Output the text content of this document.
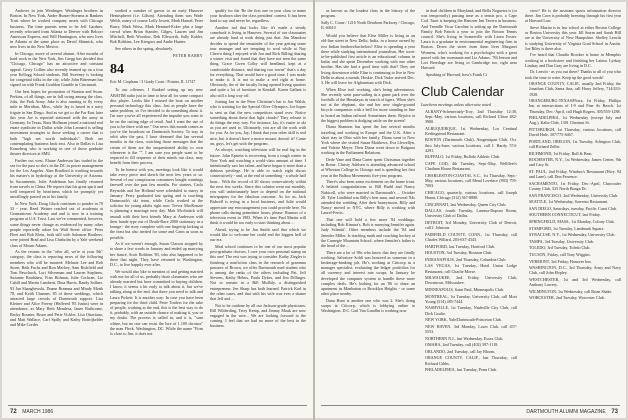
Andover in join Weidinger, Weidinger brothers in Boston. In New York, Andre Hunter-Streams at Bankers Trust where he worked company assets with Chicago business. The time parents seem to be Jeff Gardner, recently relocated from Atlanta to Denver with Belcorr American Express, and Will Huntington, who now lives in Atlanta at the same place as David Shinnick, who now lives in the New Mexico.

In Chicago, move of several alumni: After months of hard work in the New York, Jim Gregg has decided that "Chicago, Chicago" has an attractive and constant appeal. Gerry Collins also recently teamed up on a four year Kellogg School students. Bill Sweeney is looking for congenial folks in the city, while John Bitterman has signed on with Frank Gouldon Gamble in Cincinnati.

Our best hopes for promotion of Stanton and Swan. Perkins, of all things, are in full swing among the class. Jobs, the Park Army. Jake is also running to fly every mile in Meridian, Miss., while Jay is based in a navy frigate in San Diego. And as we get to the Far East later this year Joe is reported stationed with the army in Germany. In Texas, Russ Hoffman joined a national real estate syndicate in Dallas while John Leonard is selling investment strategies to those seeking a career that is both "high net worth individuals". Both are contemplating business back east. Also in Dallas is Lisa Kranzberg who is working in one of those graduate theater directors at SMU.

Farther out west, Elaine Anderson has traded in the sea for the past so she's in the DC in power management for the Los Angeles. Alan Bradford is working towards his master's in hydrology at the University of Arizona. In Sacramento, Julie Andelman has finally returned from travels to China. He reports that his great spirit and well tempered by heartiness which he promptly yet unwillingly passed on to his family.

In New York, Doug Gluck continues to ponder in 70 33 - year. Reed Weiner reached out of academia at Germantown Academy and and is now in a training program at U.S. Trust. Last we've commented, however, some things never change as evidenced by many other people reportedly adore his Wall Street office. Peter Fleet and Bob Klein, both still with Salomon Brothers, were joined Brad and Lisa Chisholm by a Yale weekend class of Mount Adams.

As the returns in the "after all, we're at your 5th" category, the class is reporting news of the following members who will be married: Melanie Lee and Rob Stone, Beth Fuchs and Ron Mackey, Sam Richfield and Tom Pawchuck, Lori Silverman and Lauren Stephens, Suzanne Bradshaw, Fran Holman, Julie Cochran, Liz Cahill and Martin Lamberti, Dina Harris, Randy Sollner. 93 Jan Shanghewski, Duane Breanna and Mindy Monk 78, and Keith Channer, 85 of these weddings, which attracted large crowds of Dartmouth support. Lisa Kleiner and Alice Freeny (Heffered '85 Justin) were in attendance, as Mary Beth Mendesa, Ianee Buthcome, Becky Rosmer, Bruce and Petie Vickler, Lisa Ottaviano, and Matt Wallace, Carl Spilly and Kathy Bottrijkelder and Mike Cordes

sordied a number of guests to an early Hanover Hemispheres (i.e. Gilson). Attending them was Wade Welch, many of course Lolly Jowett, Mark Hansel, Peter Burry, Mark Weiss, Mark Hemmel-Ecker plus a large crowd when Brian Stamler, Gilges, Lauren and Jim Mitchell, Beth Woodow, Deb Ellsworth, Sally Kahler, Bob Robbins, Lee Kiergacs and Andie Hunter.

See others in the spring, absolutely.

PETER BARRY

84

Eric M. Cropham / 3 Grady Court / Pointer, IL 11747

To our offenses. I flunked setting up my new ABATIM radio just in time to hear all for some compact disc player. Looks like I missed the boat on another personal technology this class. Just as people have the same problem, so I've decided to do something about it. I'm sure you've all experienced the impulse you want to be on the cutting edge of retail. And I want the use of you to be there with me." Our news this month comes as you've the broadcast on Dartmouth Society. To stay in orbit after the past, I have dreamed that Jan several months in the class, watching those messages that the cream of them are the unquestioned ability to own whenever is the "". I am sure you people want to be required to fill sequence of their minds out class, may benefit from their process.

To be honest with you, meetings look like it would take every piece and sketch the next few years or so. Several of our conspicuous consumers bought warnings farewell over the past few months. For starters, Carlo Reynolds and Joe Holland were scheduled to marry in January. Perry graduated last spring and is coaching Dartmouth's ski team, while Carla worked at the solicitor for young adults right now. Trevor MacKenzie is planning a marriage next day. Matt Mcclintick will assault with their best friends Mary at Anderson with their hands-type out of Death-Race 2000 stationary in a lounge - the story complete with one fingertip lacking at the feast but also invited for some and Carin as soon as possible.

As if we weren't enough, Susan Clarson stopped by to share a few words in January and ended up marrying her fiancé, Scott Robbins '83, who also happened to be there that night. They have returned to Washington, D.C., to live happily ever after.

We would also like to mention of and getting married with me for all of us, probably those classmates who are already married but have committed to buying children. I know, it seems a bit early to talk about it, but we've talking along at the end, that there you need to talk and Laura Pickett: It is another way: In case you have been preparing for the third child. Peter Trailers for the sake of people, working at the end, this is the best way to do it, probably, with an outside chance of making it, you or my doubt. The process is called in, and it is, "sum whine, but no one can resist the lure of 1.100 chronos" the man Fleck. Washington, DC. While the name "Firm is close to Jim, it does not

qualify for the 'Be the first one in your class to name your firstborn after the class president' contest. It has been hard to say and never be, regardless.

Another tad that looks like it's made a steady comeback is living in Hanover. Several of our classmates are already hard at work doing just that. Jim Mandoro decides to spend the remainder of the year getting some tour manager and are tempting to worl while at Nuy Chen-a thing I enjoyed with Jon and Rick Billing sharing a winter visit and found that they have not seen the same thing. Grace Gwen Colby will headland, kept at a comfortable distance, and sharing two towns" that's a day for everything. That would have a good time. I was made to make it. It is not to make a reel right at home. Obviously, the of the faculty living opened living quarters and quite a lot of furniture in Kendall. Karen Gallant is also still a long way off.

Joining Jan in the Peter Christian's bar is Jon Walsh, who is training for the Special Olive Olympics. Joe hopes to sent us that the new competitors stand over. Notice something about these that fight clouds? They release to do things the easy way. For instance, Jay, it's easier to ski as you are used to. Ultimately, you are all the work with for you. As for you, Jay, I think that your other skill is real nice, but it doesn't have a motor mount, doesn't it? Come on, guys, let's get with the program.

As always, watching television will be real big in the future. John Epstein is recovering from a tough winter in New York and watching a world-class amount of time. I intentionally saw her talent, and have begun it more than a dubious privilege. He is able to watch eight shows consecutively - and, at the end of something - a whole half hour... With the record of 20 shows consecutively within the next few weeks. Since this column went out monthly, you will unfortunately have to depend on the national newspapers for the fabulous outcome. As for us, Jack Bidwell is trying in a local business, and Julie would appreciate any encouragement you could provide here. No phone calls during primetime hours, please. Rumors of a television event in 1983. When it's time Paul Martin will think it would be too early to start thinking about ...

Ahead, trying to be Jan Smith said that which we would like to welcome her could end the biggest hell of our era.

Meal school continues to be one of our most popular post-graduate choices. I owe your own personal stamp on this one! The rest was trying to consider. Kathy Ziegler is finishing a nonfiction class in the research of grammar pastures of Brown, we offer Dartmouth med student who is among the ranks of the others including Pat, Jeff Stevens, Kathy Helms, Paula Dykes, and Jim Dillinger. Not to remain in a Bill Mullaly, a distinguished entrepreneur. Jen Sharp has both learned. Patrick Karl in the other cases, and that with his wife was ever a shame that Jeff and ...

Not to be outdone by all our Jackson-grade physicians, Bill Wilderding, Terry Kemp, and Jimmy Mauk are now engaged in the wire... We are looking forward to the coming. I feel that we had no more of the best in the business.

72 MARCH 1986

as known as the loudest class in the history of the program.

Sally C. Crane / 1216 North Dearborn Parkway / Chicago, IL 60610

Would you believe that Elise Miller is living in an old-line street in New Delhi, India, in a house owned by two Indian brothers/bachelors? Elise is spending a year there while studying international journalism. Her soon-to-be-published first article is an educational column in India, and she spent December working with one other brother. Has she had a good time with that? They are living downtown while Elise is continuing to live in New Delhi in about a month, Hoskie. Dick Tudor arrived Dec. 3. He will leave for Afghanistan with Dick.

When Elise isn't working, she's being adventurous. She recently went para-sailing in a game park over the foothills of the Himalayas in search of tigers. When she's not at the elephant, she and her new single-ground bicycle companion with a bell for more standing in line to board an Indian railroad. Sometimes there. Rejoice at the biggest problem is dodging cattle on the streets!

Diana Shannon has spent the last several months traveling and working in Europe and the U.K. After a short stay in Ohio with her family, Diana went to New York where she visited Susan Matthews, Eva Llewellyn, and Valerie Meyer. Then Diana went down to Bulgaria working in the Parliament Relations.

Dede Vane and Dana Carter spent Christmas together in Rome. Christy Adelsen is attending advanced school at Wheaton College in Chicago and is spending her first year at the Balboa Movements five-year program.

There's also been some excitement on the home front. A belated congratulations to Bill Budd and Nancy Nabicoll, who were married in Dartmouth's ... October 20. Tyler Lindblad was Billy's best man, and several '84s attended the wedding. After their honeymoon, Billy and Nancy moved to NYC, where Billy is working with Laurel-Ferris.

That one will hold a few more '84 weddings: including Bob Kimura's. Bob is marrying Jennifer again. Judy Schmitt'. Other members include the '84 and Jennifer Miller. Is teaching math and coaching hockey at the Carnegie Mountain School, where Jennifer's father is the head of the ...

There are a lot of '86s who know that they are finally working. Salvatore Soldi was honored as someone in a brokerage-banking job. He's working at Citicorp as a manager specialist, evaluating the ledger portfolios for all currency and interest rate swaps. In January he developed the computer system to handle these more complex deals. He's looking for an '86 to share an apartment in Manhattan or Brooklyn Heights - or some other place nearby.

Dana Hunt is another one who was 2. She's doing swaps at Citicorp, which is lobbying online to Washington, D.C. Gail Van Gundlin is working now

in dual children in Maryland, and Bella Nogueira is (or was temporarily) passing time as a tennis pro, a Cape Cod. Tarot is keeping the Hanover Inn Tavern in business. And Tennille Vicar Caroline is setting up the Dartmouth Family Bob Pattoh a year to join the Boston Tennis council. She's living in Somerville with Laura Foster. Laura is a graduate in environmental engineering firm in Boston. Down the street from them lives Margaret Womens, who's working for a psychologist with a great parcel with her roommate and Liz Adams. "84 Jenson and Lori Beredage are living in Cambridge too, right near Harvard.

Speaking of Harvard, how's Frank Ci

Club Calendar

Luncheon meetings unless otherwise noted

ALBANY-Schenectady-Troy, 2nd Thursday 12:30, Sept.-May, various locations, call Richard Ulisse 482-3900.

ALBUQUERQUE, 1st Wednesday, Los Centinal Kerlingstead Restaurant.

BOSTON (Dartmouth Club), Aingenispan Club, Oct. thru July-June, various locations, call J. Hardy, 574-4291.

BUFFALO, 1st Friday, Buffalo Athletic Club.

CAPE COD, 4th Tuesday, Sept.-May, Wellfleet's Chatham House Restaurant.

CHARLESTON-COASTAL S.C., 1st Thursday, Sept.-May, various locations, call Mead Lovelace (803) 795-7003.

CHICAGO, quarterly, various locations, call Joseph Hanut, Chicago (312) 567-8888.

CINCINNATI, last Wednesday, Queen City Club.

DALLAS, fourth Tuesday, Lamesa-Dupont Room, University Club of Dallas.

DETROIT, 3rd Monday, University Club of Detroit, call J. Johnson.

FAIRFIELD COUNTY, CONN., 1st Thursday, call Charles Willard, 203-637-4343.

HARTFORD, last Tuesday, Hartford Club.

HOUSTON, 3rd Tuesday, Houston Club.

INDIANAPOLIS, 2nd Thursday, Columbia Club.

LAS VEGAS, 1st Tuesday, Hotel Union Lodge Restaurant, call Charlie Morse.

MILWAUKEE, 2nd Friday, University Club, Downtown, Milwaukee.

MINNEAPOLIS, Saint Paul, Minneapolis Club.

MONTREAL, 1st Tuesday, University Club, call Mort Young (514) 485-7444.

NASHVILLE, 1st Tuesday, Nashville City Club, call Dick Goalie.

NEW YORK, Yale/Dartmouth-Princeton Club.

NEW HAVEN, 3rd Monday, Lawn Club, call 457-5553.

NORTHERN N.J., last Wednesday, Essex Club.

OMAHA, 2nd Tuesday, call (402) 397-1118.

ORLANDO, 2nd Tuesday, call Jay Bloom.

ORANGE COUNTY, CALIF., last Thursday, call Richard Gibbs.

PHILADELPHIA, last Tuesday, Penn Club.

view? He is the assistant sports information director there. Jim Corn is probably breezing through his first year at Harvard Law.

Steve Maziar is in law school at either Boston College or Boston University this year. Jill Sturm and Sarah Hill are at the University of New Hampshire. Shelley Leavitt is studying University of Virginia Grad School in Austin. Joe Riley is there also.

I've heard that Claudia Brooker is home in Memphis working in a bookstore and finishing her Latinu. Lydsay Lindsay and Dan Gray are living in D.C.

Dr. Leavitt - as you out there? Thanks to all of you who took the time to write. Keep up the good words!

ORANGE COUNTY, CALIF., usually 2nd Friday, the Jonathan Club, Santa Ana, call Harry Jeffery, 714/433-1928.

ORANGEBURG-TEXAS/Flrrra, 1st Friday, Phillips Inn at intersections of I-9 and Fine Av Beach. 1st Thursday, Dec.-April, call Hugh Rogers, 305/555-1288.

PHILADELPHIA, 1st Wednesday (except July and Aug.), Kalin Club, 1301 Chestnut St.

PITTSBURGH, 1st Thursday, various locations, call David Hale, 307/775-6467.

PORTLAND, OREGON, 1st Tuesday, Arlington Club, call Richard Zeller.

RICHMOND, 1st Friday, Bull & Bear.

ROCHESTER, N.Y., 1st Wednesday, James Center, 9th and Cary St.

ST. PAUL, 2nd Friday, Windsor's Restaurant (Hwy. 94 and Lane), call Don Ferrence.

SACRAMENTO, 1st Friday, Dec.-April, Charcoaler County Club, 525 North Bunga Dr.

SAN FRANCISCO, 2nd Wednesday, University Club.

SEATTLE, 1st Wednesday, Sorrento Restaurant.

SAN DIEGO, Saturdays, tuesday, Pacific Coast Club.

SOUTHERN CONNECTICUT, last Friday.

SPRINGFIELD, MASS., 1st Monday, Colony Club.

STAMFORD, 1st Tuesday, Landmark Square.

SYRACUSE, N.Y., 1st Wednesday, University Club.

TAMPA, 3rd Tuesday, University Club.

TOLEDO, 3rd Tuesday, Toledo Club.

TUCSON, Friday, call Tony Wiggins.

VERMONT, 3rd Friday, Hanover Inn.

WASHINGTON, D.C., 3rd Thursday, Army and Navy Club, call John Hopley.

WESTCHESTER, 1st and 3rd Wednesday, call Anthony Lowery.

WILMINGTON, 1st Wednesday, call Brian Shake.

WORCESTER, 2nd Tuesday, Worcester Club.

DARTMOUTH ALUMNI MAGAZINE 73
